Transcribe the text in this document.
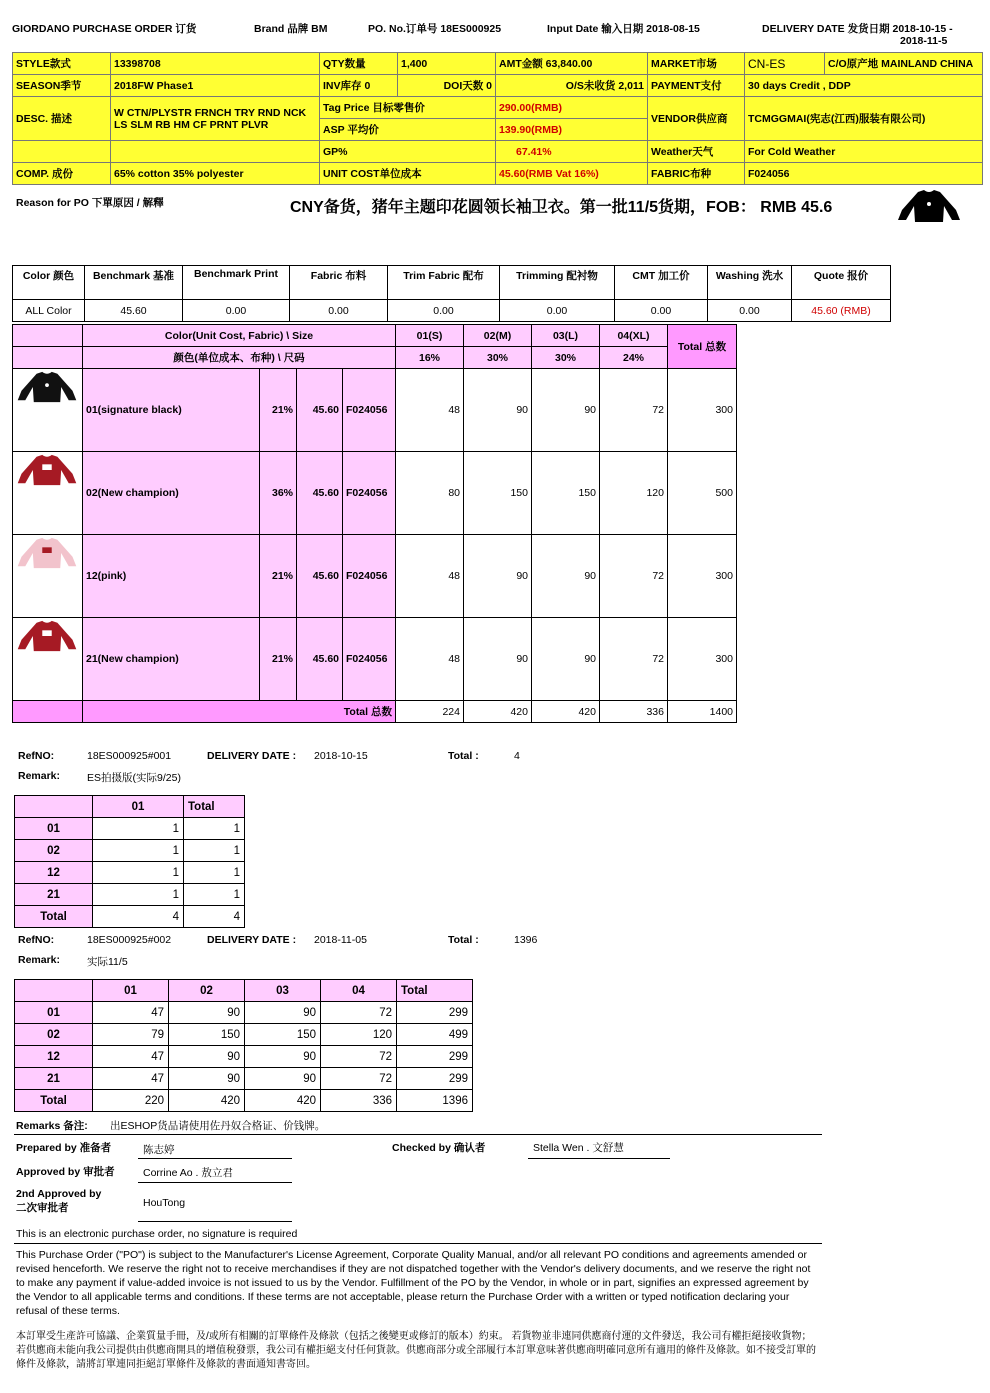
GIORDANO PURCHASE ORDER 订货	Brand 品牌 BM	PO. No.订单号 18ES000925	Input Date 输入日期 2018-08-15	DELIVERY DATE 发货日期 2018-10-15 -
2018-11-5
STYLE款式	13398708	QTY数量	1,400	AMT金额 63,840.00	MARKET市场	CN-ES	C/O原产地 MAINLAND CHINA
SEASON季节	2018FW Phase1	INV库存 0	DOI天数 0	O/S未收货 2,011	PAYMENT支付	30 days Credit , DDP	
DESC. 描述	W CTN/PLYSTR FRNCH TRY RND NCK LS SLM RB HM CF PRNT PLVR	Tag Price 目标零售价		290.00(RMB)	VENDOR供应商	TCMGGMAI(宪志(江西)服装有限公司)	
		ASP 平均价		139.90(RMB)			
		GP%		67.41%	Weather天气	For Cold Weather	
COMP. 成份	65% cotton 35% polyester	UNIT COST单位成本		45.60(RMB Vat 16%)	FABRIC布种	F024056	
Reason for PO 下單原因 / 解釋	CNY备货，猪年主题印花圆领长袖卫衣。第一批11/5货期，FOB： RMB 45.6
Color 颜色	Benchmark 基准	Benchmark Print	Fabric 布料	Trim Fabric 配布	Trimming 配衬物	CMT 加工价	Washing 洗水	Quote 报价
ALL Color	45.60	0.00	0.00	0.00	0.00	0.00	0.00	45.60 (RMB)
	Color(Unit Cost, Fabric) \ Size				01(S)	02(M)	03(L)	04(XL)	Total 总数
	颜色(单位成本、布种) \ 尺码				16%	30%	30%	24%	

	01(signature black)	21%	45.60	F024056	48	90	90	72	300

	02(New champion)	36%	45.60	F024056	80	150	150	120	500

	12(pink)	21%	45.60	F024056	48	90	90	72	300

	21(New champion)	21%	45.60	F024056	48	90	90	72	300
	Total 总数				224	420	420	336	1400
RefNO:	18ES000925#001	DELIVERY DATE : 2018-10-15	Total :	4
Remark:	ES拍摄版(实际9/25)
	01	Total
01	1	1
02	1	1
12	1	1
21	1	1
Total	4	4
RefNO:	18ES000925#002	DELIVERY DATE : 2018-11-05	Total :	1396
Remark:	实际11/5
	01	02	03	04	Total
01	47	90	90	72	299
02	79	150	150	120	499
12	47	90	90	72	299
21	47	90	90	72	299
Total	220	420	420	336	1396
Remarks 备注: 出ESHOP货品请使用佐丹奴合格证、价钱牌。
Prepared by 准备者	陈志婷	Checked by 确认者	Stella Wen . 文舒慧
Approved by 审批者	Corrine Ao . 敖立君
2nd Approved by
二次审批者	HouTong
This is an electronic purchase order, no signature is required
This Purchase Order ("PO") is subject to the Manufacturer's License Agreement, Corporate Quality Manual, and/or all relevant PO conditions and agreements amended or revised henceforth. We reserve the right not to receive merchandises if they are not dispatched together with the Vendor's delivery documents, and we reserve the right not to make any payment if value-added invoice is not issued to us by the Vendor. Fulfillment of the PO by the Vendor, in whole or in part, signifies an expressed agreement by the Vendor to all applicable terms and conditions. If these terms are not acceptable, please return the Purchase Order with a written or typed notification declaring your refusal of these terms.
本訂單受生產許可協議、企業質量手冊，及/或所有相關的訂單條件及條款（包括之後變更或修訂的版本）約束。 若貨物並非連同供應商付運的文件發送，我公司有權拒絕接收貨物；若供應商未能向我公司提供由供應商開具的增值稅發票，我公司有權拒絕支付任何貨款。供應商部分或全部履行本訂單意味著供應商明確同意所有適用的條件及條款。如不接受訂單的條件及條款，請將訂單連同拒絕訂單條件及條款的書面通知書寄回。
